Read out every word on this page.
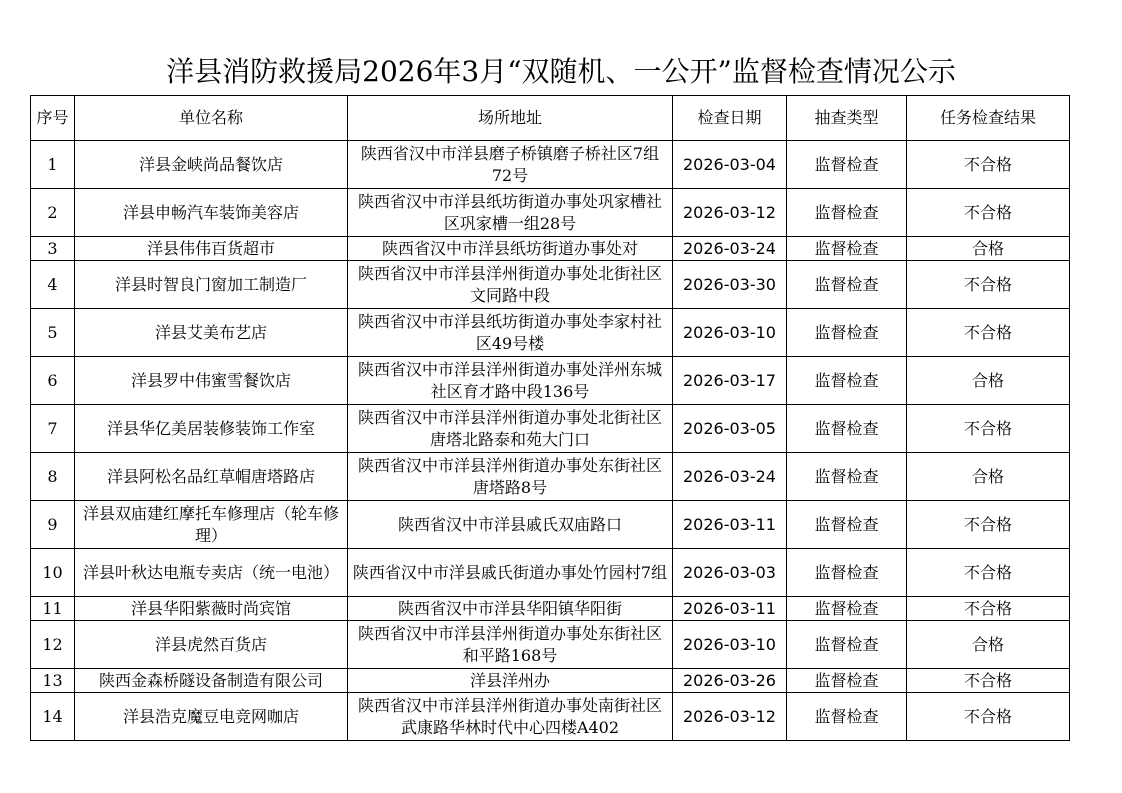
洋县消防救援局2026年3月“双随机、一公开”监督检查情况公示
序号	单位名称	场所地址	检查日期	抽查类型	任务检查结果
1	洋县金峡尚品餐饮店	陕西省汉中市洋县磨子桥镇磨子桥社区7组72号	2026-03-04	监督检查	不合格
2	洋县申畅汽车装饰美容店	陕西省汉中市洋县纸坊街道办事处巩家槽社区巩家槽一组28号	2026-03-12	监督检查	不合格
3	洋县伟伟百货超市	陕西省汉中市洋县纸坊街道办事处对	2026-03-24	监督检查	合格
4	洋县时智良门窗加工制造厂	陕西省汉中市洋县洋州街道办事处北街社区文同路中段	2026-03-30	监督检查	不合格
5	洋县艾美布艺店	陕西省汉中市洋县纸坊街道办事处李家村社区49号楼	2026-03-10	监督检查	不合格
6	洋县罗中伟蜜雪餐饮店	陕西省汉中市洋县洋州街道办事处洋州东城社区育才路中段136号	2026-03-17	监督检查	合格
7	洋县华亿美居装修装饰工作室	陕西省汉中市洋县洋州街道办事处北街社区唐塔北路泰和苑大门口	2026-03-05	监督检查	不合格
8	洋县阿松名品红草帽唐塔路店	陕西省汉中市洋县洋州街道办事处东街社区唐塔路8号	2026-03-24	监督检查	合格
9	洋县双庙建红摩托车修理店（轮车修理）	陕西省汉中市洋县戚氏双庙路口	2026-03-11	监督检查	不合格
10	洋县叶秋达电瓶专卖店（统一电池）	陕西省汉中市洋县戚氏街道办事处竹园村7组	2026-03-03	监督检查	不合格
11	洋县华阳紫薇时尚宾馆	陕西省汉中市洋县华阳镇华阳街	2026-03-11	监督检查	不合格
12	洋县虎然百货店	陕西省汉中市洋县洋州街道办事处东街社区和平路168号	2026-03-10	监督检查	合格
13	陕西金森桥隧设备制造有限公司	洋县洋州办	2026-03-26	监督检查	不合格
14	洋县浩克魔豆电竞网咖店	陕西省汉中市洋县洋州街道办事处南街社区武康路华林时代中心四楼A402	2026-03-12	监督检查	不合格
